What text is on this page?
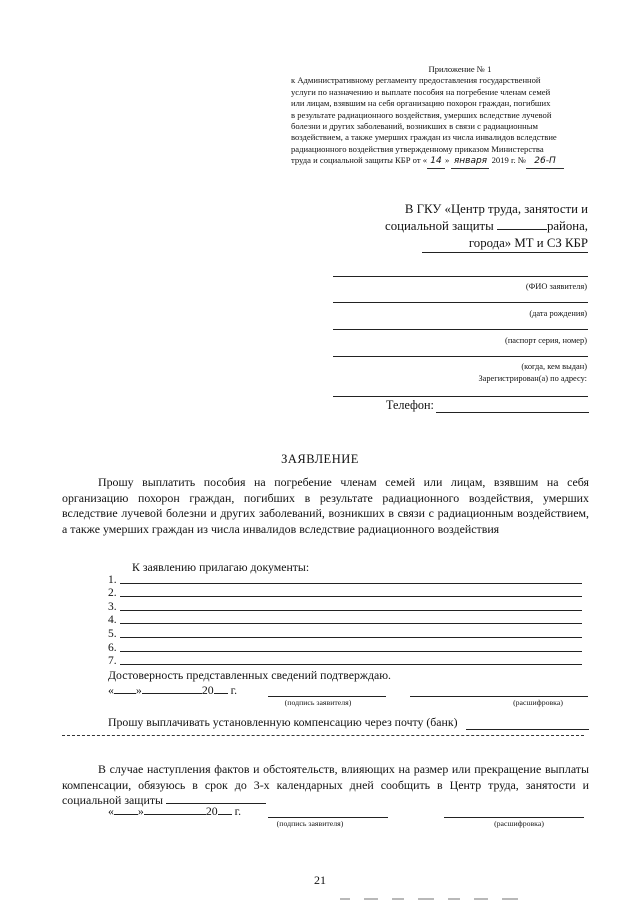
Приложение № 1
к Административному регламенту предоставления государственной
услуги по назначению и выплате пособия на погребение членам семей
или лицам, взявшим на себя организацию похорон граждан, погибших
в результате радиационного воздействия, умерших вследствие лучевой
болезни и других заболеваний, возникших в связи с радиационным
воздействием, а также умерших граждан из числа инвалидов вследствие
радиационного воздействия утвержденному приказом Министерства
труда и социальной защиты КБР от « 14 » января 2019 г. № 26-П
В ГКУ «Центр труда, занятости и
социальной защиты	района,
города» МТ и СЗ КБР
(ФИО заявителя)
(дата рождения)
(паспорт серия, номер)
(когда, кем выдан)
Зарегистрирован(а) по адресу:
Телефон:
ЗАЯВЛЕНИЕ

Прошу выплатить пособия на погребение членам семей или лицам, взявшим на себя организацию похорон граждан, погибших в результате радиационного воздействия, умерших вследствие лучевой болезни и других заболеваний, возникших в связи с радиационным воздействием, а также умерших граждан из числа инвалидов вследствие радиационного воздействия

К заявлению прилагаю документы:
1.
2.
3.
4.
5.
6.
7.
Достоверность представленных сведений подтверждаю.
« »	20 г.
(подпись заявителя)	(расшифровка)
Прошу выплачивать установленную компенсацию через почту (банк)

В случае наступления фактов и обстоятельств, влияющих на размер или прекращение выплаты компенсации, обязуюсь в срок до 3-х календарных дней сообщить в Центр труда, занятости и социальной защиты

« »	20 г.
(подпись заявителя)	(расшифровка)
21
